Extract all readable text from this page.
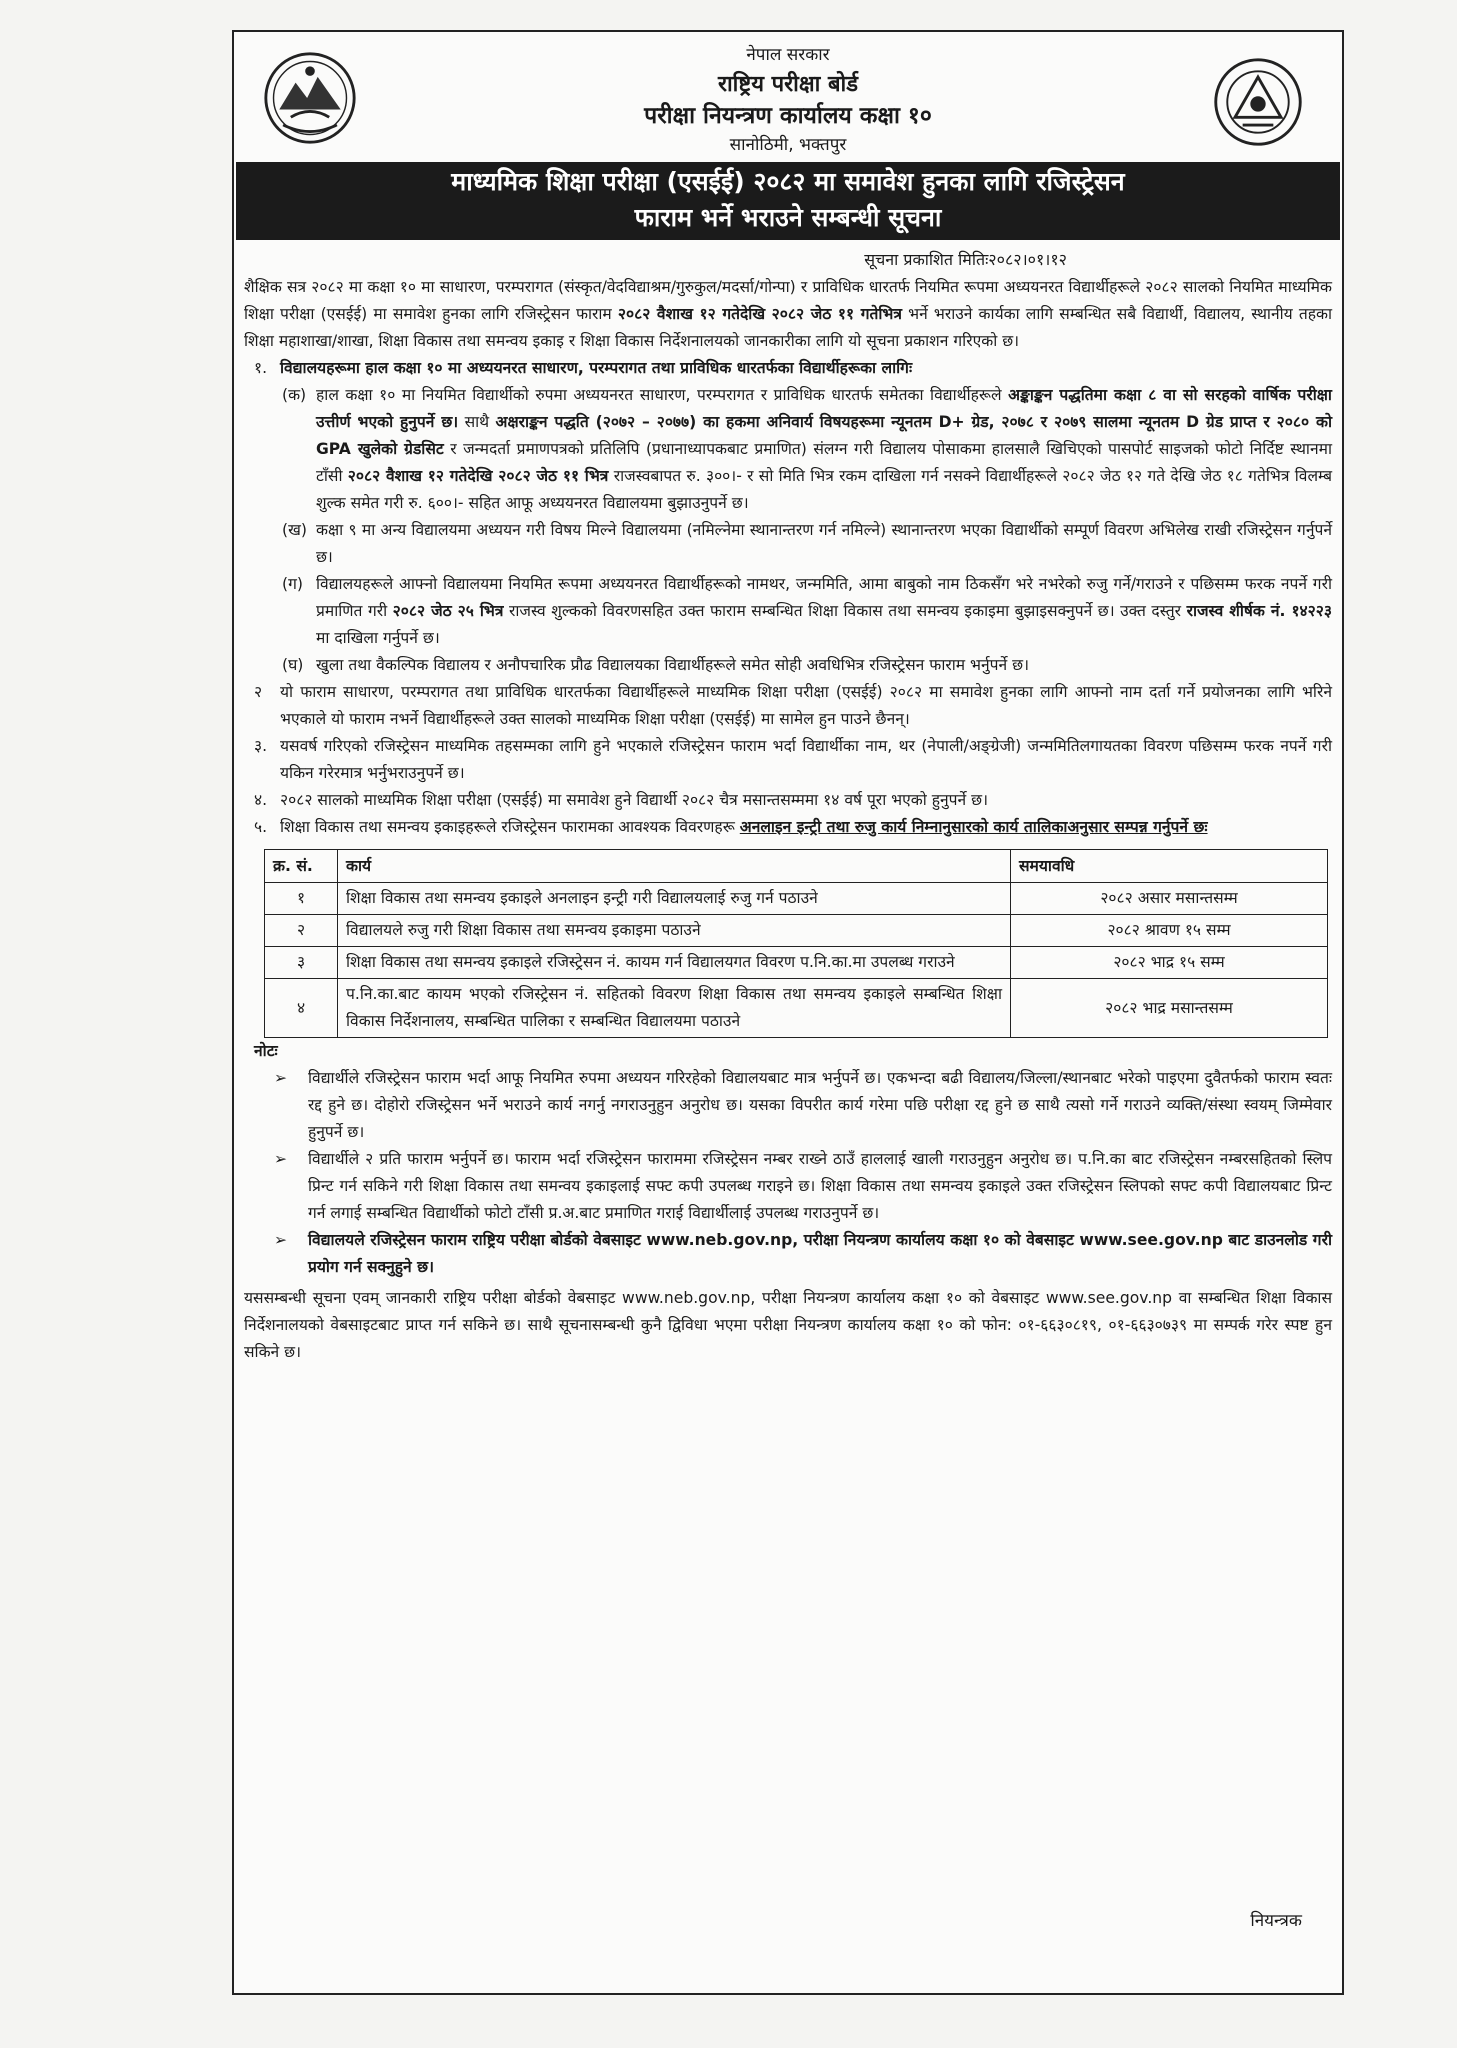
नेपाल सरकार
राष्ट्रिय परीक्षा बोर्ड
परीक्षा नियन्त्रण कार्यालय कक्षा १०
सानोठिमी, भक्तपुर
माध्यमिक शिक्षा परीक्षा (एसईई) २०८२ मा समावेश हुनका लागि रजिस्ट्रेसन
फाराम भर्ने भराउने सम्बन्धी सूचना
सूचना प्रकाशित मितिः२०८२।०१।१२

शैक्षिक सत्र २०८२ मा कक्षा १० मा साधारण, परम्परागत (संस्कृत/वेदविद्याश्रम/गुरुकुल/मदर्सा/गोन्पा) र प्राविधिक धारतर्फ नियमित रूपमा अध्ययनरत विद्यार्थीहरूले २०८२ सालको नियमित माध्यमिक शिक्षा परीक्षा (एसईई) मा समावेश हुनका लागि रजिस्ट्रेसन फाराम २०८२ वैशाख १२ गतेदेखि २०८२ जेठ ११ गतेभित्र भर्ने भराउने कार्यका लागि सम्बन्धित सबै विद्यार्थी, विद्यालय, स्थानीय तहका शिक्षा महाशाखा/शाखा, शिक्षा विकास तथा समन्वय इकाइ र शिक्षा विकास निर्देशनालयको जानकारीका लागि यो सूचना प्रकाशन गरिएको छ।

१. विद्यालयहरूमा हाल कक्षा १० मा अध्ययनरत साधारण, परम्परागत तथा प्राविधिक धारतर्फका विद्यार्थीहरूका लागिः

(क) हाल कक्षा १० मा नियमित विद्यार्थीको रुपमा अध्ययनरत साधारण, परम्परागत र प्राविधिक धारतर्फ समेतका विद्यार्थीहरूले अङ्काङ्कन पद्धतिमा कक्षा ८ वा सो सरहको वार्षिक परीक्षा उत्तीर्ण भएको हुनुपर्ने छ। साथै अक्षराङ्कन पद्धति (२०७२ – २०७७) का हकमा अनिवार्य विषयहरूमा न्यूनतम D+ ग्रेड, २०७८ र २०७९ सालमा न्यूनतम D ग्रेड प्राप्त र २०८० को GPA खुलेको ग्रेडसिट र जन्मदर्ता प्रमाणपत्रको प्रतिलिपि (प्रधानाध्यापकबाट प्रमाणित) संलग्न गरी विद्यालय पोसाकमा हालसालै खिचिएको पासपोर्ट साइजको फोटो निर्दिष्ट स्थानमा टाँसी २०८२ वैशाख १२ गतेदेखि २०८२ जेठ ११ भित्र राजस्वबापत रु. ३००।- र सो मिति भित्र रकम दाखिला गर्न नसक्ने विद्यार्थीहरूले २०८२ जेठ १२ गते देखि जेठ १८ गतेभित्र विलम्ब शुल्क समेत गरी रु. ६००।- सहित आफू अध्ययनरत विद्यालयमा बुझाउनुपर्ने छ।

(ख) कक्षा ९ मा अन्य विद्यालयमा अध्ययन गरी विषय मिल्ने विद्यालयमा (नमिल्नेमा स्थानान्तरण गर्न नमिल्ने) स्थानान्तरण भएका विद्यार्थीको सम्पूर्ण विवरण अभिलेख राखी रजिस्ट्रेसन गर्नुपर्ने छ।

(ग) विद्यालयहरूले आफ्नो विद्यालयमा नियमित रूपमा अध्ययनरत विद्यार्थीहरूको नामथर, जन्ममिति, आमा बाबुको नाम ठिकसँग भरे नभरेको रुजु गर्ने/गराउने र पछिसम्म फरक नपर्ने गरी प्रमाणित गरी २०८२ जेठ २५ भित्र राजस्व शुल्कको विवरणसहित उक्त फाराम सम्बन्धित शिक्षा विकास तथा समन्वय इकाइमा बुझाइसक्नुपर्ने छ। उक्त दस्तुर राजस्व शीर्षक नं. १४२२३ मा दाखिला गर्नुपर्ने छ।

(घ) खुला तथा वैकल्पिक विद्यालय र अनौपचारिक प्रौढ विद्यालयका विद्यार्थीहरूले समेत सोही अवधिभित्र रजिस्ट्रेसन फाराम भर्नुपर्ने छ।

२ यो फाराम साधारण, परम्परागत तथा प्राविधिक धारतर्फका विद्यार्थीहरूले माध्यमिक शिक्षा परीक्षा (एसईई) २०८२ मा समावेश हुनका लागि आफ्नो नाम दर्ता गर्ने प्रयोजनका लागि भरिने भएकाले यो फाराम नभर्ने विद्यार्थीहरूले उक्त सालको माध्यमिक शिक्षा परीक्षा (एसईई) मा सामेल हुन पाउने छैनन्।

३. यसवर्ष गरिएको रजिस्ट्रेसन माध्यमिक तहसम्मका लागि हुने भएकाले रजिस्ट्रेसन फाराम भर्दा विद्यार्थीका नाम, थर (नेपाली/अङ्ग्रेजी) जन्ममितिलगायतका विवरण पछिसम्म फरक नपर्ने गरी यकिन गरेरमात्र भर्नुभराउनुपर्ने छ।

४. २०८२ सालको माध्यमिक शिक्षा परीक्षा (एसईई) मा समावेश हुने विद्यार्थी २०८२ चैत्र मसान्तसम्ममा १४ वर्ष पूरा भएको हुनुपर्ने छ।

५. शिक्षा विकास तथा समन्वय इकाइहरूले रजिस्ट्रेसन फारामका आवश्यक विवरणहरू अनलाइन इन्ट्री तथा रुजु कार्य निम्नानुसारको कार्य तालिकाअनुसार सम्पन्न गर्नुपर्ने छः

क्र. सं.	कार्य	समयावधि
१	शिक्षा विकास तथा समन्वय इकाइले अनलाइन इन्ट्री गरी विद्यालयलाई रुजु गर्न पठाउने	२०८२ असार मसान्तसम्म
२	विद्यालयले रुजु गरी शिक्षा विकास तथा समन्वय इकाइमा पठाउने	२०८२ श्रावण १५ सम्म
३	शिक्षा विकास तथा समन्वय इकाइले रजिस्ट्रेसन नं. कायम गर्न विद्यालयगत विवरण प.नि.का.मा उपलब्ध गराउने	२०८२ भाद्र १५ सम्म
४	प.नि.का.बाट कायम भएको रजिस्ट्रेसन नं. सहितको विवरण शिक्षा विकास तथा समन्वय इकाइले सम्बन्धित शिक्षा विकास निर्देशनालय, सम्बन्धित पालिका र सम्बन्धित विद्यालयमा पठाउने	२०८२ भाद्र मसान्तसम्म

नोटः

➢ विद्यार्थीले रजिस्ट्रेसन फाराम भर्दा आफू नियमित रुपमा अध्ययन गरिरहेको विद्यालयबाट मात्र भर्नुपर्ने छ। एकभन्दा बढी विद्यालय/जिल्ला/स्थानबाट भरेको पाइएमा दुवैतर्फको फाराम स्वतः रद्द हुने छ। दोहोरो रजिस्ट्रेसन भर्ने भराउने कार्य नगर्नु नगराउनुहुन अनुरोध छ। यसका विपरीत कार्य गरेमा पछि परीक्षा रद्द हुने छ साथै त्यसो गर्ने गराउने व्यक्ति/संस्था स्वयम् जिम्मेवार हुनुपर्ने छ।

➢ विद्यार्थीले २ प्रति फाराम भर्नुपर्ने छ। फाराम भर्दा रजिस्ट्रेसन फाराममा रजिस्ट्रेसन नम्बर राख्ने ठाउँ हाललाई खाली गराउनुहुन अनुरोध छ। प.नि.का बाट रजिस्ट्रेसन नम्बरसहितको स्लिप प्रिन्ट गर्न सकिने गरी शिक्षा विकास तथा समन्वय इकाइलाई सफ्ट कपी उपलब्ध गराइने छ। शिक्षा विकास तथा समन्वय इकाइले उक्त रजिस्ट्रेसन स्लिपको सफ्ट कपी विद्यालयबाट प्रिन्ट गर्न लगाई सम्बन्धित विद्यार्थीको फोटो टाँसी प्र.अ.बाट प्रमाणित गराई विद्यार्थीलाई उपलब्ध गराउनुपर्ने छ।

➢ विद्यालयले रजिस्ट्रेसन फाराम राष्ट्रिय परीक्षा बोर्डको वेबसाइट www.neb.gov.np, परीक्षा नियन्त्रण कार्यालय कक्षा १० को वेबसाइट www.see.gov.np बाट डाउनलोड गरी प्रयोग गर्न सक्नुहुने छ।

यससम्बन्धी सूचना एवम् जानकारी राष्ट्रिय परीक्षा बोर्डको वेबसाइट www.neb.gov.np, परीक्षा नियन्त्रण कार्यालय कक्षा १० को वेबसाइट www.see.gov.np वा सम्बन्धित शिक्षा विकास निर्देशनालयको वेबसाइटबाट प्राप्त गर्न सकिने छ। साथै सूचनासम्बन्धी कुनै द्विविधा भएमा परीक्षा नियन्त्रण कार्यालय कक्षा १० को फोन: ०१-६६३०८१९, ०१-६६३०७३९ मा सम्पर्क गरेर स्पष्ट हुन सकिने छ।

नियन्त्रक
